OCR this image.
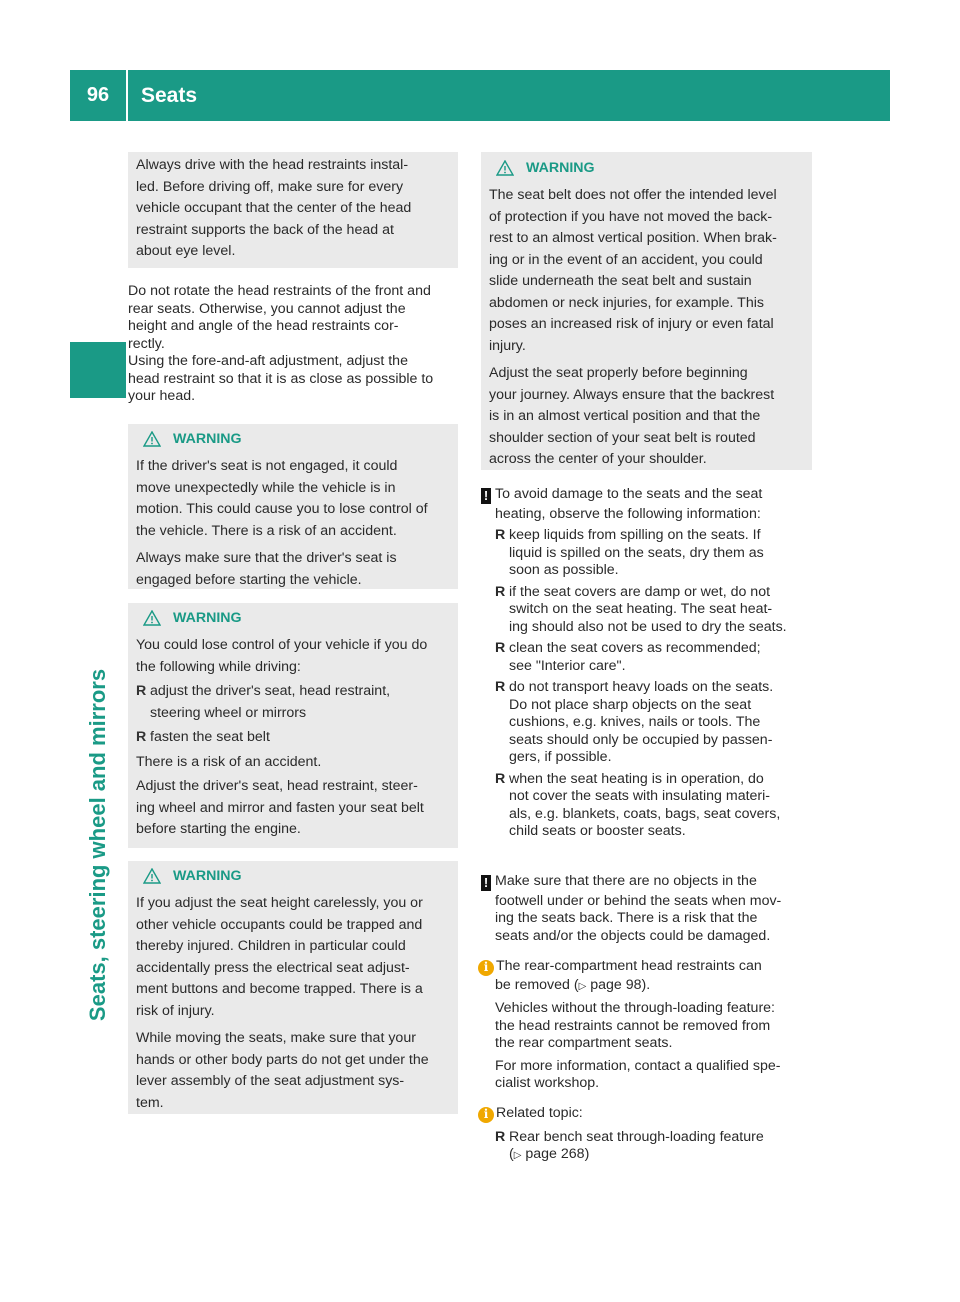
96	Seats
Seats, steering wheel and mirrors

Always drive with the head restraints instal-

led. Before driving off, make sure for every

vehicle occupant that the center of the head

restraint supports the back of the head at

about eye level.

Do not rotate the head restraints of the front and
rear seats. Otherwise, you cannot adjust the
height and angle of the head restraints cor-
rectly.
Using the fore-and-aft adjustment, adjust the
head restraint so that it is as close as possible to
your head.
WARNING

If the driver's seat is not engaged, it could

move unexpectedly while the vehicle is in

motion. This could cause you to lose control of

the vehicle. There is a risk of an accident.

Always make sure that the driver's seat is

engaged before starting the vehicle.

WARNING

You could lose control of your vehicle if you do

the following while driving:

R adjust the driver's seat, head restraint,
steering wheel or mirrors
R fasten the seat belt

There is a risk of an accident.

Adjust the driver's seat, head restraint, steer-

ing wheel and mirror and fasten your seat belt

before starting the engine.

WARNING

If you adjust the seat height carelessly, you or

other vehicle occupants could be trapped and

thereby injured. Children in particular could

accidentally press the electrical seat adjust-

ment buttons and become trapped. There is a

risk of injury.

While moving the seats, make sure that your

hands or other body parts do not get under the

lever assembly of the seat adjustment sys-

tem.

WARNING

The seat belt does not offer the intended level

of protection if you have not moved the back-

rest to an almost vertical position. When brak-

ing or in the event of an accident, you could

slide underneath the seat belt and sustain

abdomen or neck injuries, for example. This

poses an increased risk of injury or even fatal

injury.

Adjust the seat properly before beginning

your journey. Always ensure that the backrest

is in an almost vertical position and that the

shoulder section of your seat belt is routed

across the center of your shoulder.

! To avoid damage to the seats and the seat
heating, observe the following information:
R keep liquids from spilling on the seats. If
liquid is spilled on the seats, dry them as
soon as possible.
R if the seat covers are damp or wet, do not
switch on the seat heating. The seat heat-
ing should also not be used to dry the seats.
R clean the seat covers as recommended;
see "Interior care".
R do not transport heavy loads on the seats.
Do not place sharp objects on the seat
cushions, e.g. knives, nails or tools. The
seats should only be occupied by passen-
gers, if possible.
R when the seat heating is in operation, do
not cover the seats with insulating materi-
als, e.g. blankets, coats, bags, seat covers,
child seats or booster seats.
! Make sure that there are no objects in the
footwell under or behind the seats when mov-
ing the seats back. There is a risk that the
seats and/or the objects could be damaged.
i The rear-compartment head restraints can
be removed (▷ page 98).
Vehicles without the through-loading feature:
the head restraints cannot be removed from
the rear compartment seats.
For more information, contact a qualified spe-
cialist workshop.
i Related topic:
R Rear bench seat through-loading feature
(▷ page 268)
